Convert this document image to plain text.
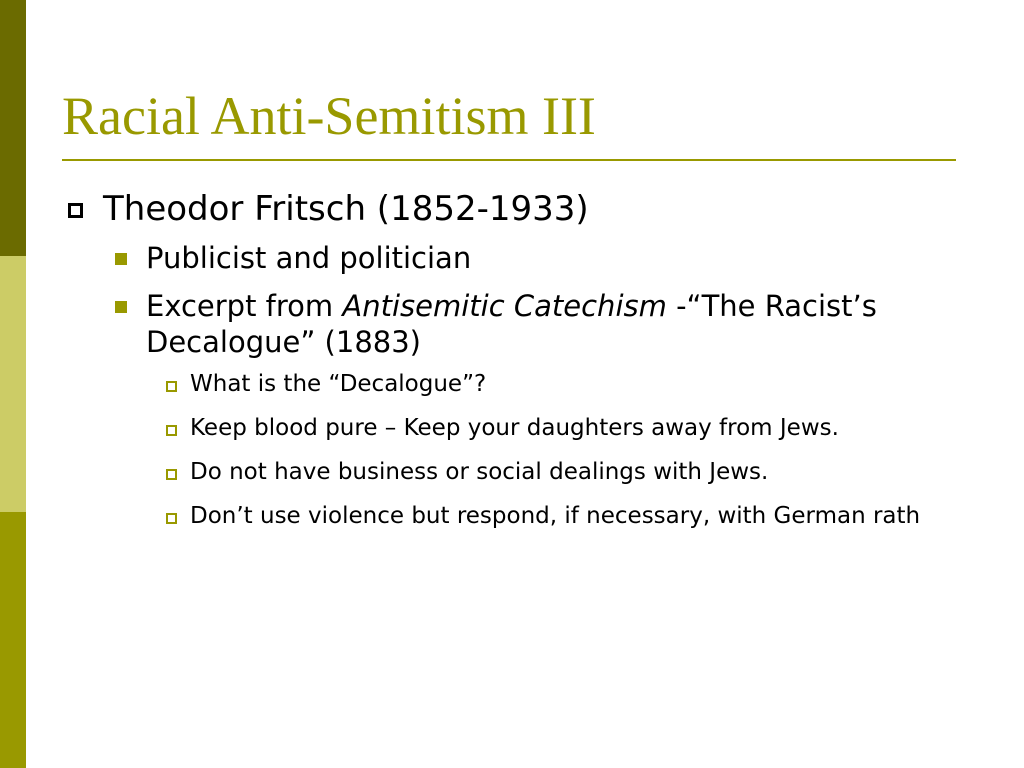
Racial Anti-Semitism III
Theodor Fritsch (1852-1933)
Publicist and politician
Excerpt from Antisemitic Catechism -“The Racist’s Decalogue” (1883)
What is the “Decalogue”?
Keep blood pure – Keep your daughters away from Jews.
Do not have business or social dealings with Jews.
Don’t use violence but respond, if necessary, with German rath
